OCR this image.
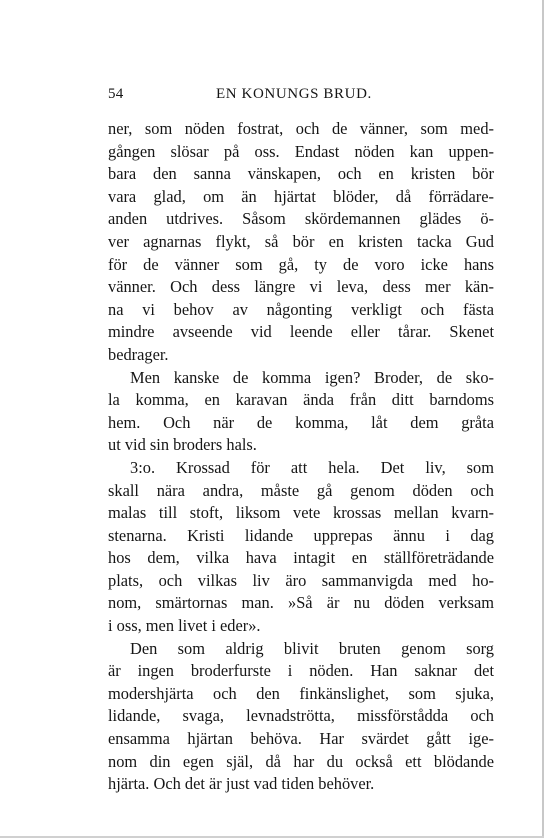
54	EN KONUNGS BRUD.
ner, som nöden fostrat, och de vänner, som med-
gången slösar på oss. Endast nöden kan uppen-
bara den sanna vänskapen, och en kristen bör
vara glad, om än hjärtat blöder, då förrädare-
anden utdrives. Såsom skördemannen glädes ö-
ver agnarnas flykt, så bör en kristen tacka Gud
för de vänner som gå, ty de voro icke hans
vänner. Och dess längre vi leva, dess mer kän-
na vi behov av någonting verkligt och fästa
mindre avseende vid leende eller tårar. Skenet
bedrager.
Men kanske de komma igen? Broder, de sko-
la komma, en karavan ända från ditt barndoms
hem. Och när de komma, låt dem gråta
ut vid sin broders hals.
3:o. Krossad för att hela. Det liv, som
skall nära andra, måste gå genom döden och
malas till stoft, liksom vete krossas mellan kvarn-
stenarna. Kristi lidande upprepas ännu i dag
hos dem, vilka hava intagit en ställföreträdande
plats, och vilkas liv äro sammanvigda med ho-
nom, smärtornas man. »Så är nu döden verksam
i oss, men livet i eder».
Den som aldrig blivit bruten genom sorg
är ingen broderfurste i nöden. Han saknar det
modershjärta och den finkänslighet, som sjuka,
lidande, svaga, levnadströtta, missförstådda och
ensamma hjärtan behöva. Har svärdet gått ige-
nom din egen själ, då har du också ett blödande
hjärta. Och det är just vad tiden behöver.
